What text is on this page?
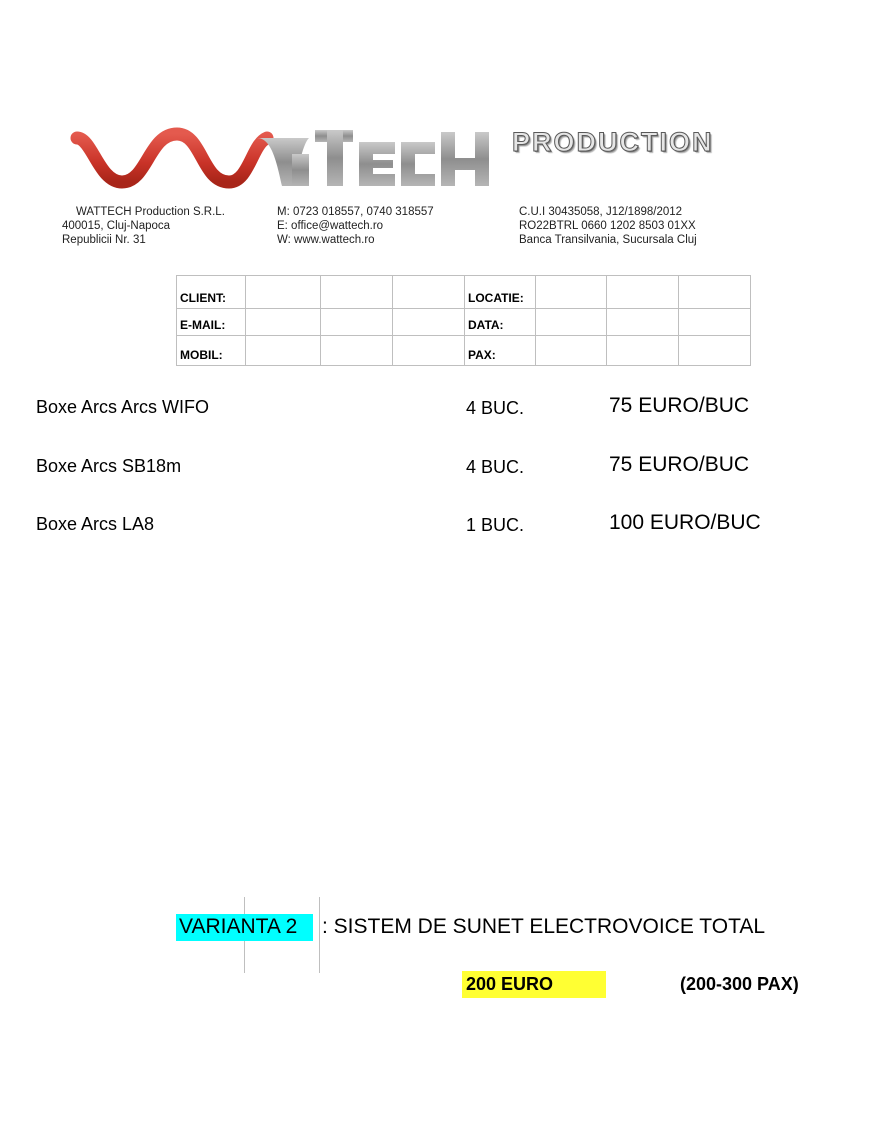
PRODUCTION
WATTECH Production S.R.L.
400015, Cluj-Napoca
Republicii Nr. 31
M: 0723 018557, 0740 318557
E: office@wattech.ro
W: www.wattech.ro
C.U.I 30435058, J12/1898/2012
RO22BTRL 0660 1202 8503 01XX
Banca Transilvania, Sucursala Cluj
CLIENT:				LOCATIE:			
E-MAIL:				DATA:			
MOBIL:				PAX:			
Boxe Arcs Arcs WIFO	4 BUC.	75 EURO/BUC
Boxe Arcs SB18m	4 BUC.	75 EURO/BUC
Boxe Arcs LA8	1 BUC.	100 EURO/BUC
VARIANTA 2	: SISTEM DE SUNET ELECTROVOICE TOTAL
200 EURO	(200-300 PAX)
